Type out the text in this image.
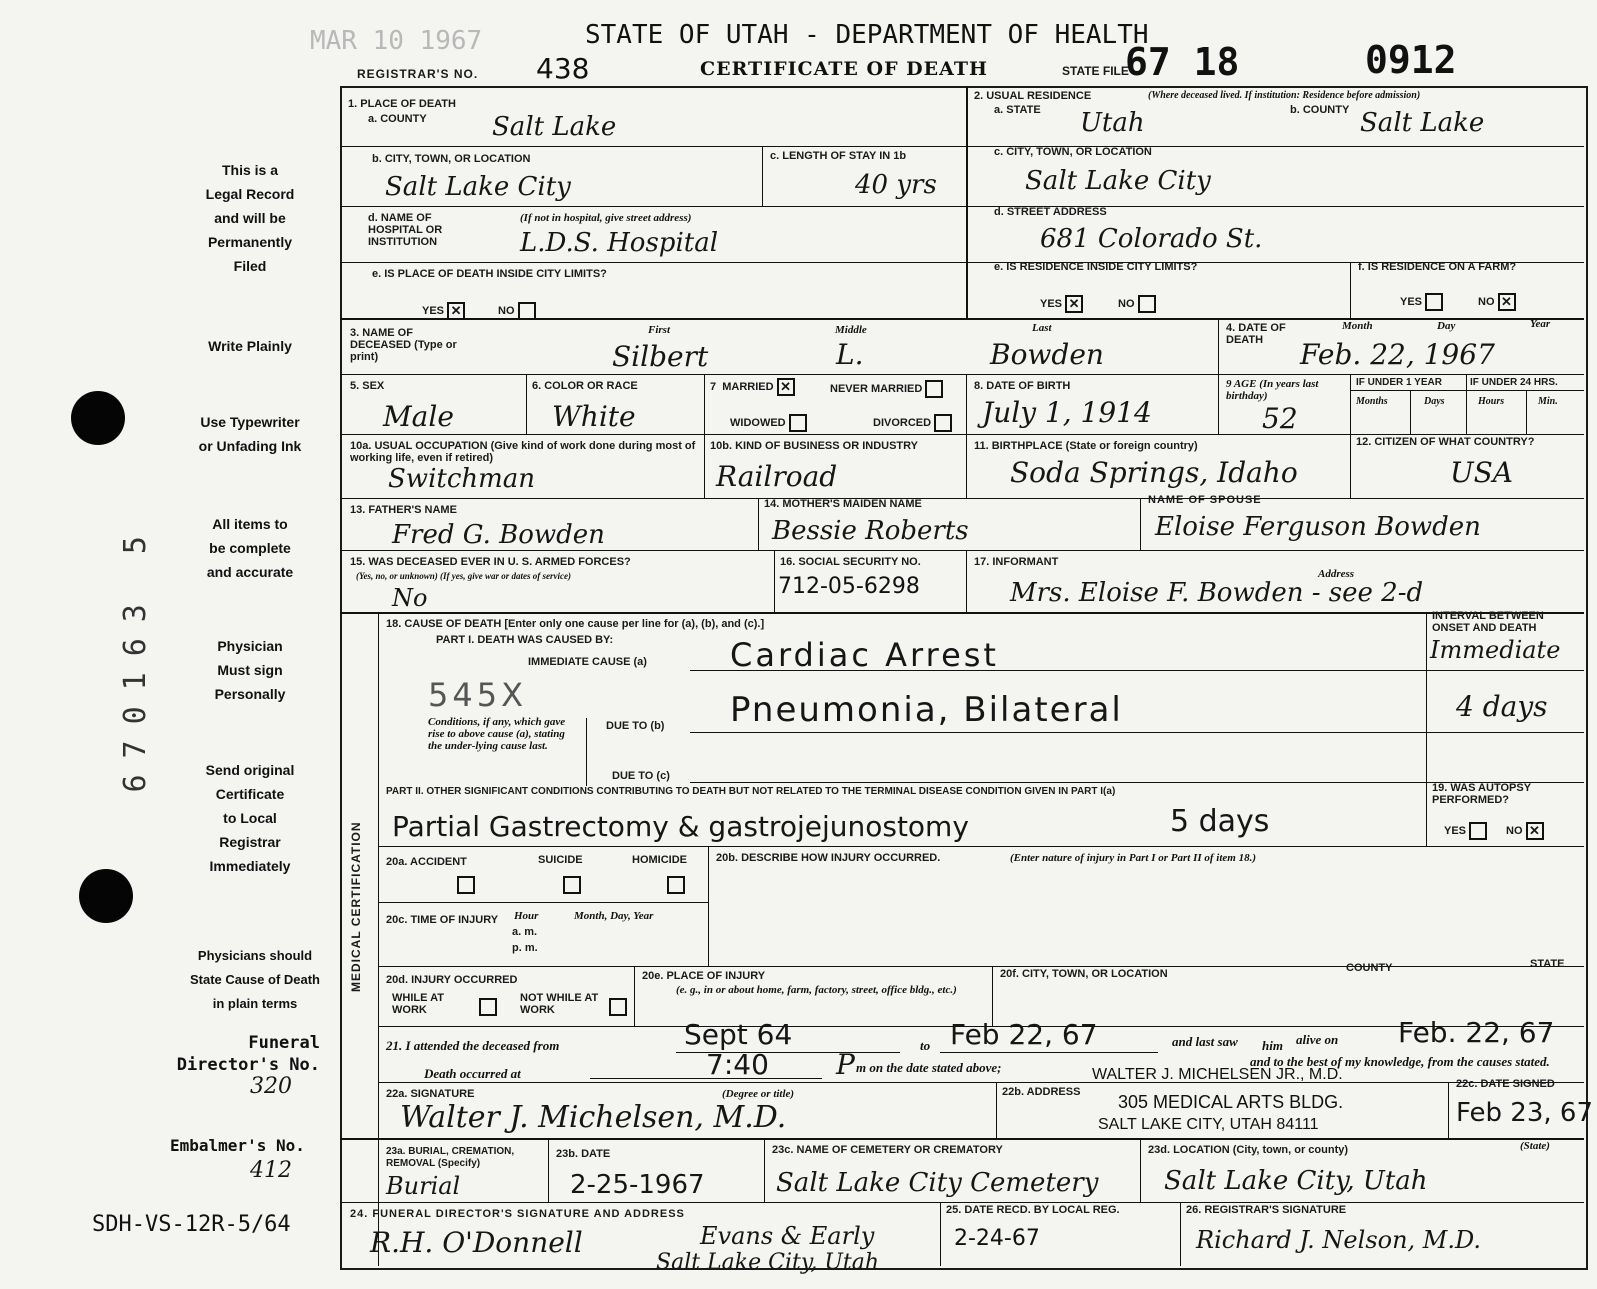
MAR 10 1967	STATE OF UTAH - DEPARTMENT OF HEALTH
REGISTRAR'S NO. 438	CERTIFICATE OF DEATH	STATE FILE
67 18	0912
This is a
Legal Record
and will be
Permanently
Filed
Write Plainly
Use Typewriter
or Unfading Ink
All items to
be complete
and accurate
Physician
Must sign
Personally
Send original
Certificate
to Local
Registrar
Immediately
Physicians should
State Cause of Death
in plain terms
670163 5
Funeral
Director's No.
320
Embalmer's No.
412
SDH-VS-12R-5/64
1. PLACE OF DEATH
a. COUNTY	Salt Lake
b. CITY, TOWN, OR LOCATION
Salt Lake City
c. LENGTH OF STAY IN 1b
40 yrs
d. NAME OF HOSPITAL OR INSTITUTION
(If not in hospital, give street address)
L.D.S. Hospital
e. IS PLACE OF DEATH INSIDE CITY LIMITS?
YES ✕	NO
2. USUAL RESIDENCE	(Where deceased lived. If institution: Residence before admission)
a. STATE Utah	b. COUNTY Salt Lake
c. CITY, TOWN, OR LOCATION
Salt Lake City
d. STREET ADDRESS
681 Colorado St.
e. IS RESIDENCE INSIDE CITY LIMITS?
YES ✕	NO
f. IS RESIDENCE ON A FARM?
YES	NO ✕
3. NAME OF DECEASED (Type or print)
First	Middle	Last
Silbert	L.	Bowden
4. DATE OF DEATH
Month	Day	Year
Feb. 22, 1967
5. SEX
Male
6. COLOR OR RACE
White
7  MARRIED ✕	NEVER MARRIED
WIDOWED	DIVORCED
8. DATE OF BIRTH
July 1, 1914
9 AGE (In years last birthday)
52
IF UNDER 1 YEAR	IF UNDER 24 HRS.
Months	Days	Hours	Min.
10a. USUAL OCCUPATION (Give kind of work done during most of working life, even if retired)
Switchman
10b. KIND OF BUSINESS OR INDUSTRY
Railroad
11. BIRTHPLACE (State or foreign country)
Soda Springs, Idaho
12. CITIZEN OF WHAT COUNTRY?
USA
13. FATHER'S NAME
Fred G. Bowden
14. MOTHER'S MAIDEN NAME
Bessie Roberts
NAME OF SPOUSE
Eloise Ferguson Bowden
15. WAS DECEASED EVER IN U. S. ARMED FORCES?
(Yes, no, or unknown) (If yes, give war or dates of service)
No
16. SOCIAL SECURITY NO.
712-05-6298
17. INFORMANT
Address
Mrs. Eloise F. Bowden - see 2-d
MEDICAL CERTIFICATION
18. CAUSE OF DEATH [Enter only one cause per line for (a), (b), and (c).]
PART I. DEATH WAS CAUSED BY:
IMMEDIATE CAUSE (a)	Cardiac Arrest
INTERVAL BETWEEN ONSET AND DEATH
Immediate
545X
Conditions, if any, which gave rise to above cause (a), stating the under-lying cause last.
DUE TO (b) Pneumonia, Bilateral	4 days
DUE TO (c)
PART II. OTHER SIGNIFICANT CONDITIONS CONTRIBUTING TO DEATH BUT NOT RELATED TO THE TERMINAL DISEASE CONDITION GIVEN IN PART I(a)
Partial Gastrectomy & gastrojejunostomy	5 days
19. WAS AUTOPSY PERFORMED?
YES	NO ✕
20a. ACCIDENT	SUICIDE	HOMICIDE	20b. DESCRIBE HOW INJURY OCCURRED.	(Enter nature of injury in Part I or Part II of item 18.)
20c. TIME OF INJURY Hour
a. m.
p. m.
Month, Day, Year
20d. INJURY OCCURRED
WHILE AT WORK
NOT WHILE AT WORK
20e. PLACE OF INJURY
(e. g., in or about home, farm, factory, street, office bldg., etc.)
20f. CITY, TOWN, OR LOCATION	COUNTY	STATE
21. I attended the deceased from	Sept 64	to Feb 22, 67	and last saw him alive on Feb. 22, 67
and to the best of my knowledge, from the causes stated.
Death occurred at	7:40 P m on the date stated above;
22a. SIGNATURE	(Degree or title)
Walter J. Michelsen, M.D.
22b. ADDRESS
WALTER J. MICHELSEN JR., M.D.
305 MEDICAL ARTS BLDG.
SALT LAKE CITY, UTAH 84111
22c. DATE SIGNED
Feb 23, 67
23a. BURIAL, CREMATION, REMOVAL (Specify)
Burial
23b. DATE
2-25-1967
23c. NAME OF CEMETERY OR CREMATORY
Salt Lake City Cemetery
23d. LOCATION (City, town, or county)	(State)
Salt Lake City, Utah
24. FUNERAL DIRECTOR'S SIGNATURE AND ADDRESS
R.H. O'Donnell	Evans & Early
Salt Lake City, Utah
25. DATE RECD. BY LOCAL REG.
2-24-67
26. REGISTRAR'S SIGNATURE
Richard J. Nelson, M.D.
